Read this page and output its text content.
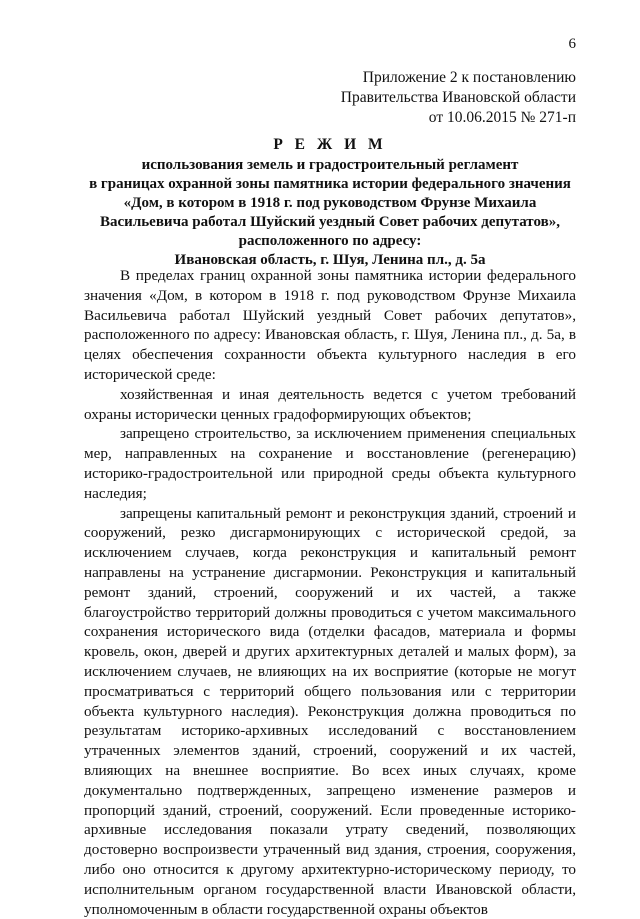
6
Приложение 2 к постановлению
Правительства Ивановской области
от 10.06.2015 № 271-п
Р Е Ж И М
использования земель и градостроительный регламент
в границах охранной зоны памятника истории федерального значения
«Дом, в котором в 1918 г. под руководством Фрунзе Михаила
Васильевича работал Шуйский уездный Совет рабочих депутатов»,
расположенного по адресу:
Ивановская область, г. Шуя, Ленина пл., д. 5а

В пределах границ охранной зоны памятника истории федерального значения «Дом, в котором в 1918 г. под руководством Фрунзе Михаила Васильевича работал Шуйский уездный Совет рабочих депутатов», расположенного по адресу: Ивановская область, г. Шуя, Ленина пл., д. 5а, в целях обеспечения сохранности объекта культурного наследия в его исторической среде:

хозяйственная и иная деятельность ведется с учетом требований охраны исторически ценных градоформирующих объектов;

запрещено строительство, за исключением применения специальных мер, направленных на сохранение и восстановление (регенерацию) историко-градостроительной или природной среды объекта культурного наследия;

запрещены капитальный ремонт и реконструкция зданий, строений и сооружений, резко дисгармонирующих с исторической средой, за исключением случаев, когда реконструкция и капитальный ремонт направлены на устранение дисгармонии. Реконструкция и капитальный ремонт зданий, строений, сооружений и их частей, а также благоустройство территорий должны проводиться с учетом максимального сохранения исторического вида (отделки фасадов, материала и формы кровель, окон, дверей и других архитектурных деталей и малых форм), за исключением случаев, не влияющих на их восприятие (которые не могут просматриваться с территорий общего пользования или с территории объекта культурного наследия). Реконструкция должна проводиться по результатам историко-архивных исследований с восстановлением утраченных элементов зданий, строений, сооружений и их частей, влияющих на внешнее восприятие. Во всех иных случаях, кроме документально подтвержденных, запрещено изменение размеров и пропорций зданий, строений, сооружений. Если проведенные историко-архивные исследования показали утрату сведений, позволяющих достоверно воспроизвести утраченный вид здания, строения, сооружения, либо оно относится к другому архитектурно-историческому периоду, то исполнительным органом государственной власти Ивановской области, уполномоченным в области государственной охраны объектов
